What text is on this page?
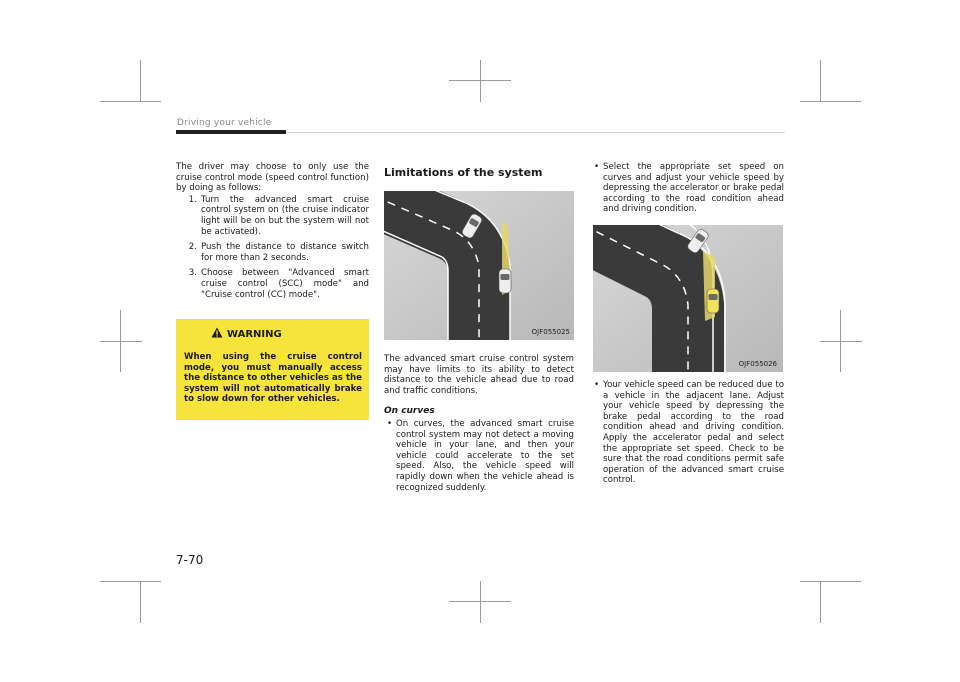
Driving your vehicle

The driver may choose to only use the cruise control mode (speed control function) by doing as follows:

1. Turn the advanced smart cruise control system on (the cruise indicator light will be on but the system will not be activated).
2. Push the distance to distance switch for more than 2 seconds.
3. Choose between "Advanced smart cruise control (SCC) mode" and "Cruise control (CC) mode".
WARNING
When using the cruise control mode, you must manually access the distance to other vehicles as the system will not automatically brake to slow down for other vehicles.
Limitations of the system
OJF055025

The advanced smart cruise control system may have limits to its ability to detect distance to the vehicle ahead due to road and traffic conditions.

On curves
• On curves, the advanced smart cruise control system may not detect a moving vehicle in your lane, and then your vehicle could accelerate to the set speed. Also, the vehicle speed will rapidly down when the vehicle ahead is recognized suddenly.
• Select the appropriate set speed on curves and adjust your vehicle speed by depressing the accelerator or brake pedal according to the road condition ahead and driving condition.
OJF055026
• Your vehicle speed can be reduced due to a vehicle in the adjacent lane. Adjust your vehicle speed by depressing the brake pedal according to the road condition ahead and driving condition. Apply the accelerator pedal and select the appropriate set speed. Check to be sure that the road conditions permit safe operation of the advanced smart cruise control.
7-70
